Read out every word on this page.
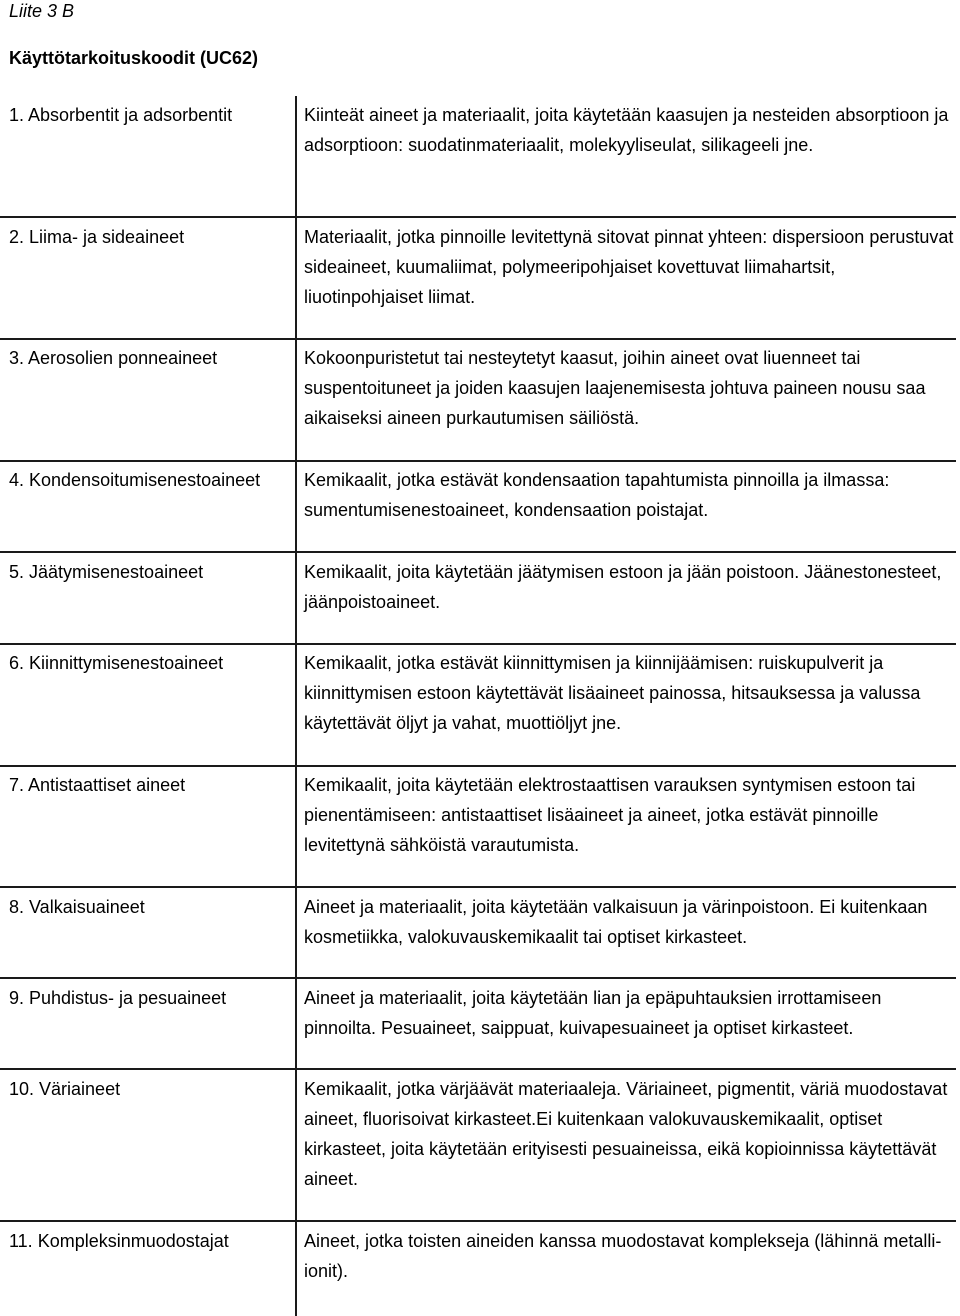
Liite 3 B
Käyttötarkoituskoodit (UC62)
1. Absorbentit ja adsorbentit	Kiinteät aineet ja materiaalit, joita käytetään kaasujen ja nesteiden absorptioon ja adsorptioon: suodatinmateriaalit, molekyyliseulat, silikageeli jne.
2. Liima- ja sideaineet	Materiaalit, jotka pinnoille levitettynä sitovat pinnat yhteen: dispersioon perustuvat sideaineet, kuumaliimat, polymeeripohjaiset kovettuvat liimahartsit, liuotinpohjaiset liimat.
3. Aerosolien ponneaineet	Kokoonpuristetut tai nesteytetyt kaasut, joihin aineet ovat liuenneet tai suspentoituneet ja joiden kaasujen laajenemisesta johtuva paineen nousu saa aikaiseksi aineen purkautumisen säiliöstä.
4. Kondensoitumisenestoaineet	Kemikaalit, jotka estävät kondensaation tapahtumista pinnoilla ja ilmassa: sumentumisenestoaineet, kondensaation poistajat.
5. Jäätymisenestoaineet	Kemikaalit, joita käytetään jäätymisen estoon ja jään poistoon. Jäänestonesteet, jäänpoistoaineet.
6. Kiinnittymisenestoaineet	Kemikaalit, jotka estävät kiinnittymisen ja kiinnijäämisen: ruiskupulverit ja kiinnittymisen estoon käytettävät lisäaineet painossa, hitsauksessa ja valussa käytettävät öljyt ja vahat, muottiöljyt jne.
7. Antistaattiset aineet	Kemikaalit, joita käytetään elektrostaattisen varauksen syntymisen estoon tai pienentämiseen: antistaattiset lisäaineet ja aineet, jotka estävät pinnoille levitettynä sähköistä varautumista.
8. Valkaisuaineet	Aineet ja materiaalit, joita käytetään valkaisuun ja värinpoistoon. Ei kuitenkaan kosmetiikka, valokuvauskemikaalit tai optiset kirkasteet.
9. Puhdistus- ja pesuaineet	Aineet ja materiaalit, joita käytetään lian ja epäpuhtauksien irrottamiseen pinnoilta. Pesuaineet, saippuat, kuivapesuaineet ja optiset kirkasteet.
10. Väriaineet	Kemikaalit, jotka värjäävät materiaaleja. Väriaineet, pigmentit, väriä muodostavat aineet, fluorisoivat kirkasteet.Ei kuitenkaan valokuvauskemikaalit, optiset kirkasteet, joita käytetään erityisesti pesuaineissa, eikä kopioinnissa käytettävät aineet.
11. Kompleksinmuodostajat	Aineet, jotka toisten aineiden kanssa muodostavat komplekseja (lähinnä metalli-ionit).
